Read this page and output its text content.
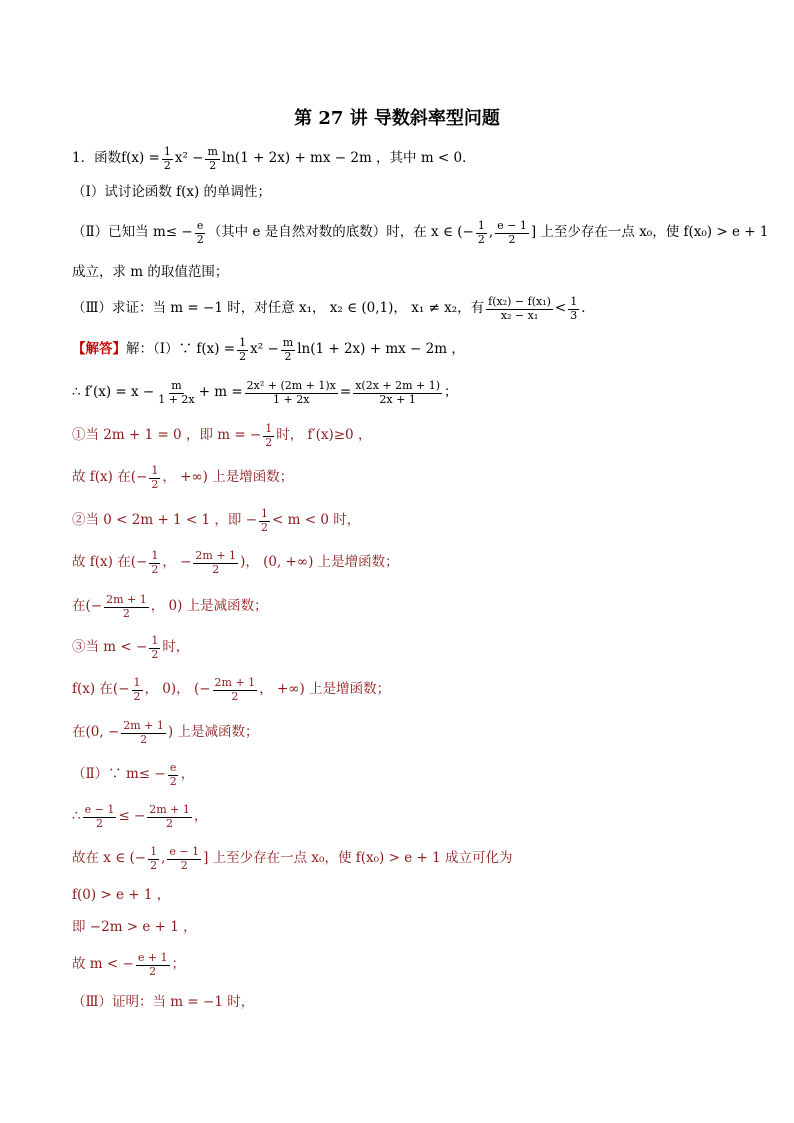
第 27 讲 导数斜率型问题
1．函数 $f(x) = \frac{1}{2} x^2 - \frac{m}{2} \ln(1 + 2x)$ + mx − 2m ，其中 m < 0．
（Ⅰ）试讨论函数 f(x) 的单调性；
（Ⅱ）已知当 $m\le - \frac{e}{2}$ （其中 e 是自然对数的底数）时，在 x ∈ (− $\frac{1}{2}$ , $\frac{e - 1}{2}$ ] 上至少存在一点 x₀，使 f(x₀) > e + 1
成立，求 m 的取值范围；
（Ⅲ）求证：当 m = −1 时，对任意 x₁， x₂ ∈ (0,1)， x₁ ≠ x₂，有 $\frac{\text{f(x₂) − f(x₁)}}{\text{x₂ − x₁}} < \frac{1}{3}$ ．
【解答】 解：（Ⅰ）∵ $f(x) = \frac{1}{2} x^2 - \frac{m}{2} \ln(1 + 2x)$ + mx − 2m ，
∴ $f'(x) = x - \frac{m}{1 + 2x} + m = \frac{\text{2x² + (2m + 1)x}}{1 + 2x} = \frac{x(2x + 2m + 1)}{2x + 1}$ ；
①当 2m + 1 = 0 ，即 m = − $\frac{1}{2}$ 时， f′(x)≥0 ，
故 f(x) 在(− $\frac{1}{2}$ ， +∞) 上是增函数；
②当 0 < 2m + 1 < 1 ，即 − $\frac{1}{2} < m < 0$ 时，
故 f(x) 在(− $\frac{1}{2}$ ， − $\frac{2m + 1}{2}$ )， (0, +∞) 上是增函数；
在(− $\frac{2m + 1}{2}$ ， 0) 上是减函数；
③当 m < − $\frac{1}{2}$ 时，
f(x) 在(− $\frac{1}{2}$ ， 0)， (− $\frac{2m + 1}{2}$ ， +∞) 上是增函数；
在(0, − $\frac{2m + 1}{2}$ ) 上是减函数；
（Ⅱ）∵ $m\le - \frac{e}{2}$ ，
∴ $\frac{e - 1}{2}$ ≤ − $\frac{2m + 1}{2}$ ，
故在 x ∈ (− $\frac{1}{2}$ , $\frac{e - 1}{2}$ ] 上至少存在一点 x₀，使 f(x₀) > e + 1 成立可化为
f(0) > e + 1 ，
即 −2m > e + 1 ，
故 m < − $\frac{e + 1}{2}$ ；
（Ⅲ）证明：当 m = −1 时，
